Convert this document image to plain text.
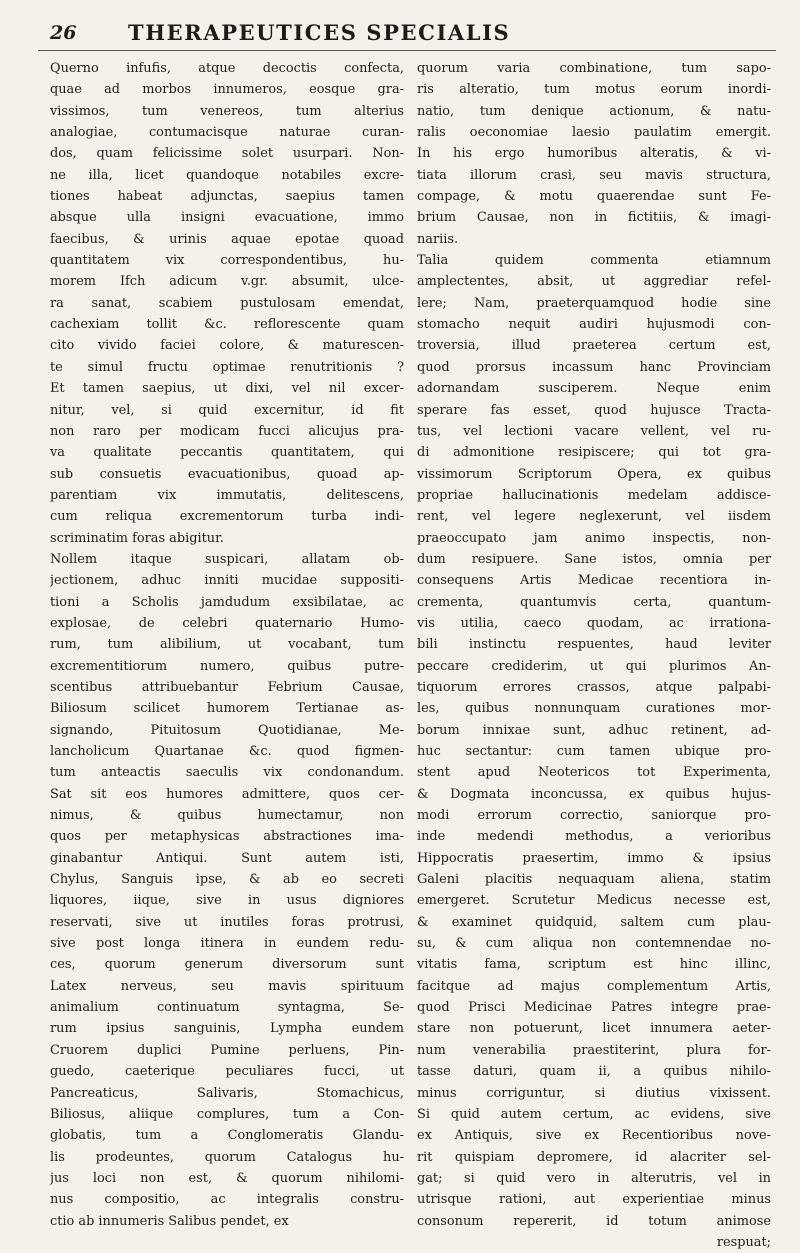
26 THERAPEUTICES SPECIALIS
Querno infufis, atque decoctis confecta,
quae ad morbos innumeros, eosque gra-
vissimos, tum venereos, tum alterius
analogiae, contumacisque naturae curan-
dos, quam felicissime solet usurpari. Non-
ne illa, licet quandoque notabiles excre-
tiones habeat adjunctas, saepius tamen
absque ulla insigni evacuatione, immo
faecibus, & urinis aquae epotae quoad
quantitatem vix correspondentibus, hu-
morem Ifch adicum v.gr. absumit, ulce-
ra sanat, scabiem pustulosam emendat,
cachexiam tollit &c. reflorescente quam
cito vivido faciei colore, & maturescen-
te simul fructu optimae renutritionis ?
Et tamen saepius, ut dixi, vel nil excer-
nitur, vel, si quid excernitur, id fit
non raro per modicam fucci alicujus pra-
va qualitate peccantis quantitatem, qui
sub consuetis evacuationibus, quoad ap-
parentiam vix immutatis, delitescens,
cum reliqua excrementorum turba indi-
scriminatim foras abigitur.
Nollem itaque suspicari, allatam ob-
jectionem, adhuc inniti mucidae suppositi-
tioni a Scholis jamdudum exsibilatae, ac
explosae, de celebri quaternario Humo-
rum, tum alibilium, ut vocabant, tum
excrementitiorum numero, quibus putre-
scentibus attribuebantur Febrium Causae,
Biliosum scilicet humorem Tertianae as-
signando, Pituitosum Quotidianae, Me-
lancholicum Quartanae &c. quod figmen-
tum anteactis saeculis vix condonandum.
Sat sit eos humores admittere, quos cer-
nimus, & quibus humectamur, non
quos per metaphysicas abstractiones ima-
ginabantur Antiqui. Sunt autem isti,
Chylus, Sanguis ipse, & ab eo secreti
liquores, iique, sive in usus digniores
reservati, sive ut inutiles foras protrusi,
sive post longa itinera in eundem redu-
ces, quorum generum diversorum sunt
Latex nerveus, seu mavis spirituum
animalium continuatum syntagma, Se-
rum ipsius sanguinis, Lympha eundem
Cruorem duplici Pumine perluens, Pin-
guedo, caeterique peculiares fucci, ut
Pancreaticus, Salivaris, Stomachicus,
Biliosus, aliique complures, tum a Con-
globatis, tum a Conglomeratis Glandu-
lis prodeuntes, quorum Catalogus hu-
jus loci non est, & quorum nihilomi-
nus compositio, ac integralis constru-
ctio ab innumeris Salibus pendet, ex
quorum varia combinatione, tum sapo-
ris alteratio, tum motus eorum inordi-
natio, tum denique actionum, & natu-
ralis oeconomiae laesio paulatim emergit.
In his ergo humoribus alteratis, & vi-
tiata illorum crasi, seu mavis structura,
compage, & motu quaerendae sunt Fe-
brium Causae, non in fictitiis, & imagi-
nariis.
Talia quidem commenta etiamnum
amplectentes, absit, ut aggrediar refel-
lere; Nam, praeterquamquod hodie sine
stomacho nequit audiri hujusmodi con-
troversia, illud praeterea certum est,
quod prorsus incassum hanc Provinciam
adornandam susciperem. Neque enim
sperare fas esset, quod hujusce Tracta-
tus, vel lectioni vacare vellent, vel ru-
di admonitione resipiscere; qui tot gra-
vissimorum Scriptorum Opera, ex quibus
propriae hallucinationis medelam addisce-
rent, vel legere neglexerunt, vel iisdem
praeoccupato jam animo inspectis, non-
dum resipuere. Sane istos, omnia per
consequens Artis Medicae recentiora in-
crementa, quantumvis certa, quantum-
vis utilia, caeco quodam, ac irrationa-
bili instinctu respuentes, haud leviter
peccare crediderim, ut qui plurimos An-
tiquorum errores crassos, atque palpabi-
les, quibus nonnunquam curationes mor-
borum innixae sunt, adhuc retinent, ad-
huc sectantur: cum tamen ubique pro-
stent apud Neotericos tot Experimenta,
& Dogmata inconcussa, ex quibus hujus-
modi errorum correctio, saniorque pro-
inde medendi methodus, a verioribus
Hippocratis praesertim, immo & ipsius
Galeni placitis nequaquam aliena, statim
emergeret. Scrutetur Medicus necesse est,
& examinet quidquid, saltem cum plau-
su, & cum aliqua non contemnendae no-
vitatis fama, scriptum est hinc illinc,
facitque ad majus complementum Artis,
quod Prisci Medicinae Patres integre prae-
stare non potuerunt, licet innumera aeter-
num venerabilia praestiterint, plura for-
tasse daturi, quam ii, a quibus nihilo-
minus corriguntur, si diutius vixissent.
Si quid autem certum, ac evidens, sive
ex Antiquis, sive ex Recentioribus nove-
rit quispiam depromere, id alacriter sel-
gat; si quid vero in alterutris, vel in
utrisque rationi, aut experientiae minus
consonum repererit, id totum animose
respuat;
